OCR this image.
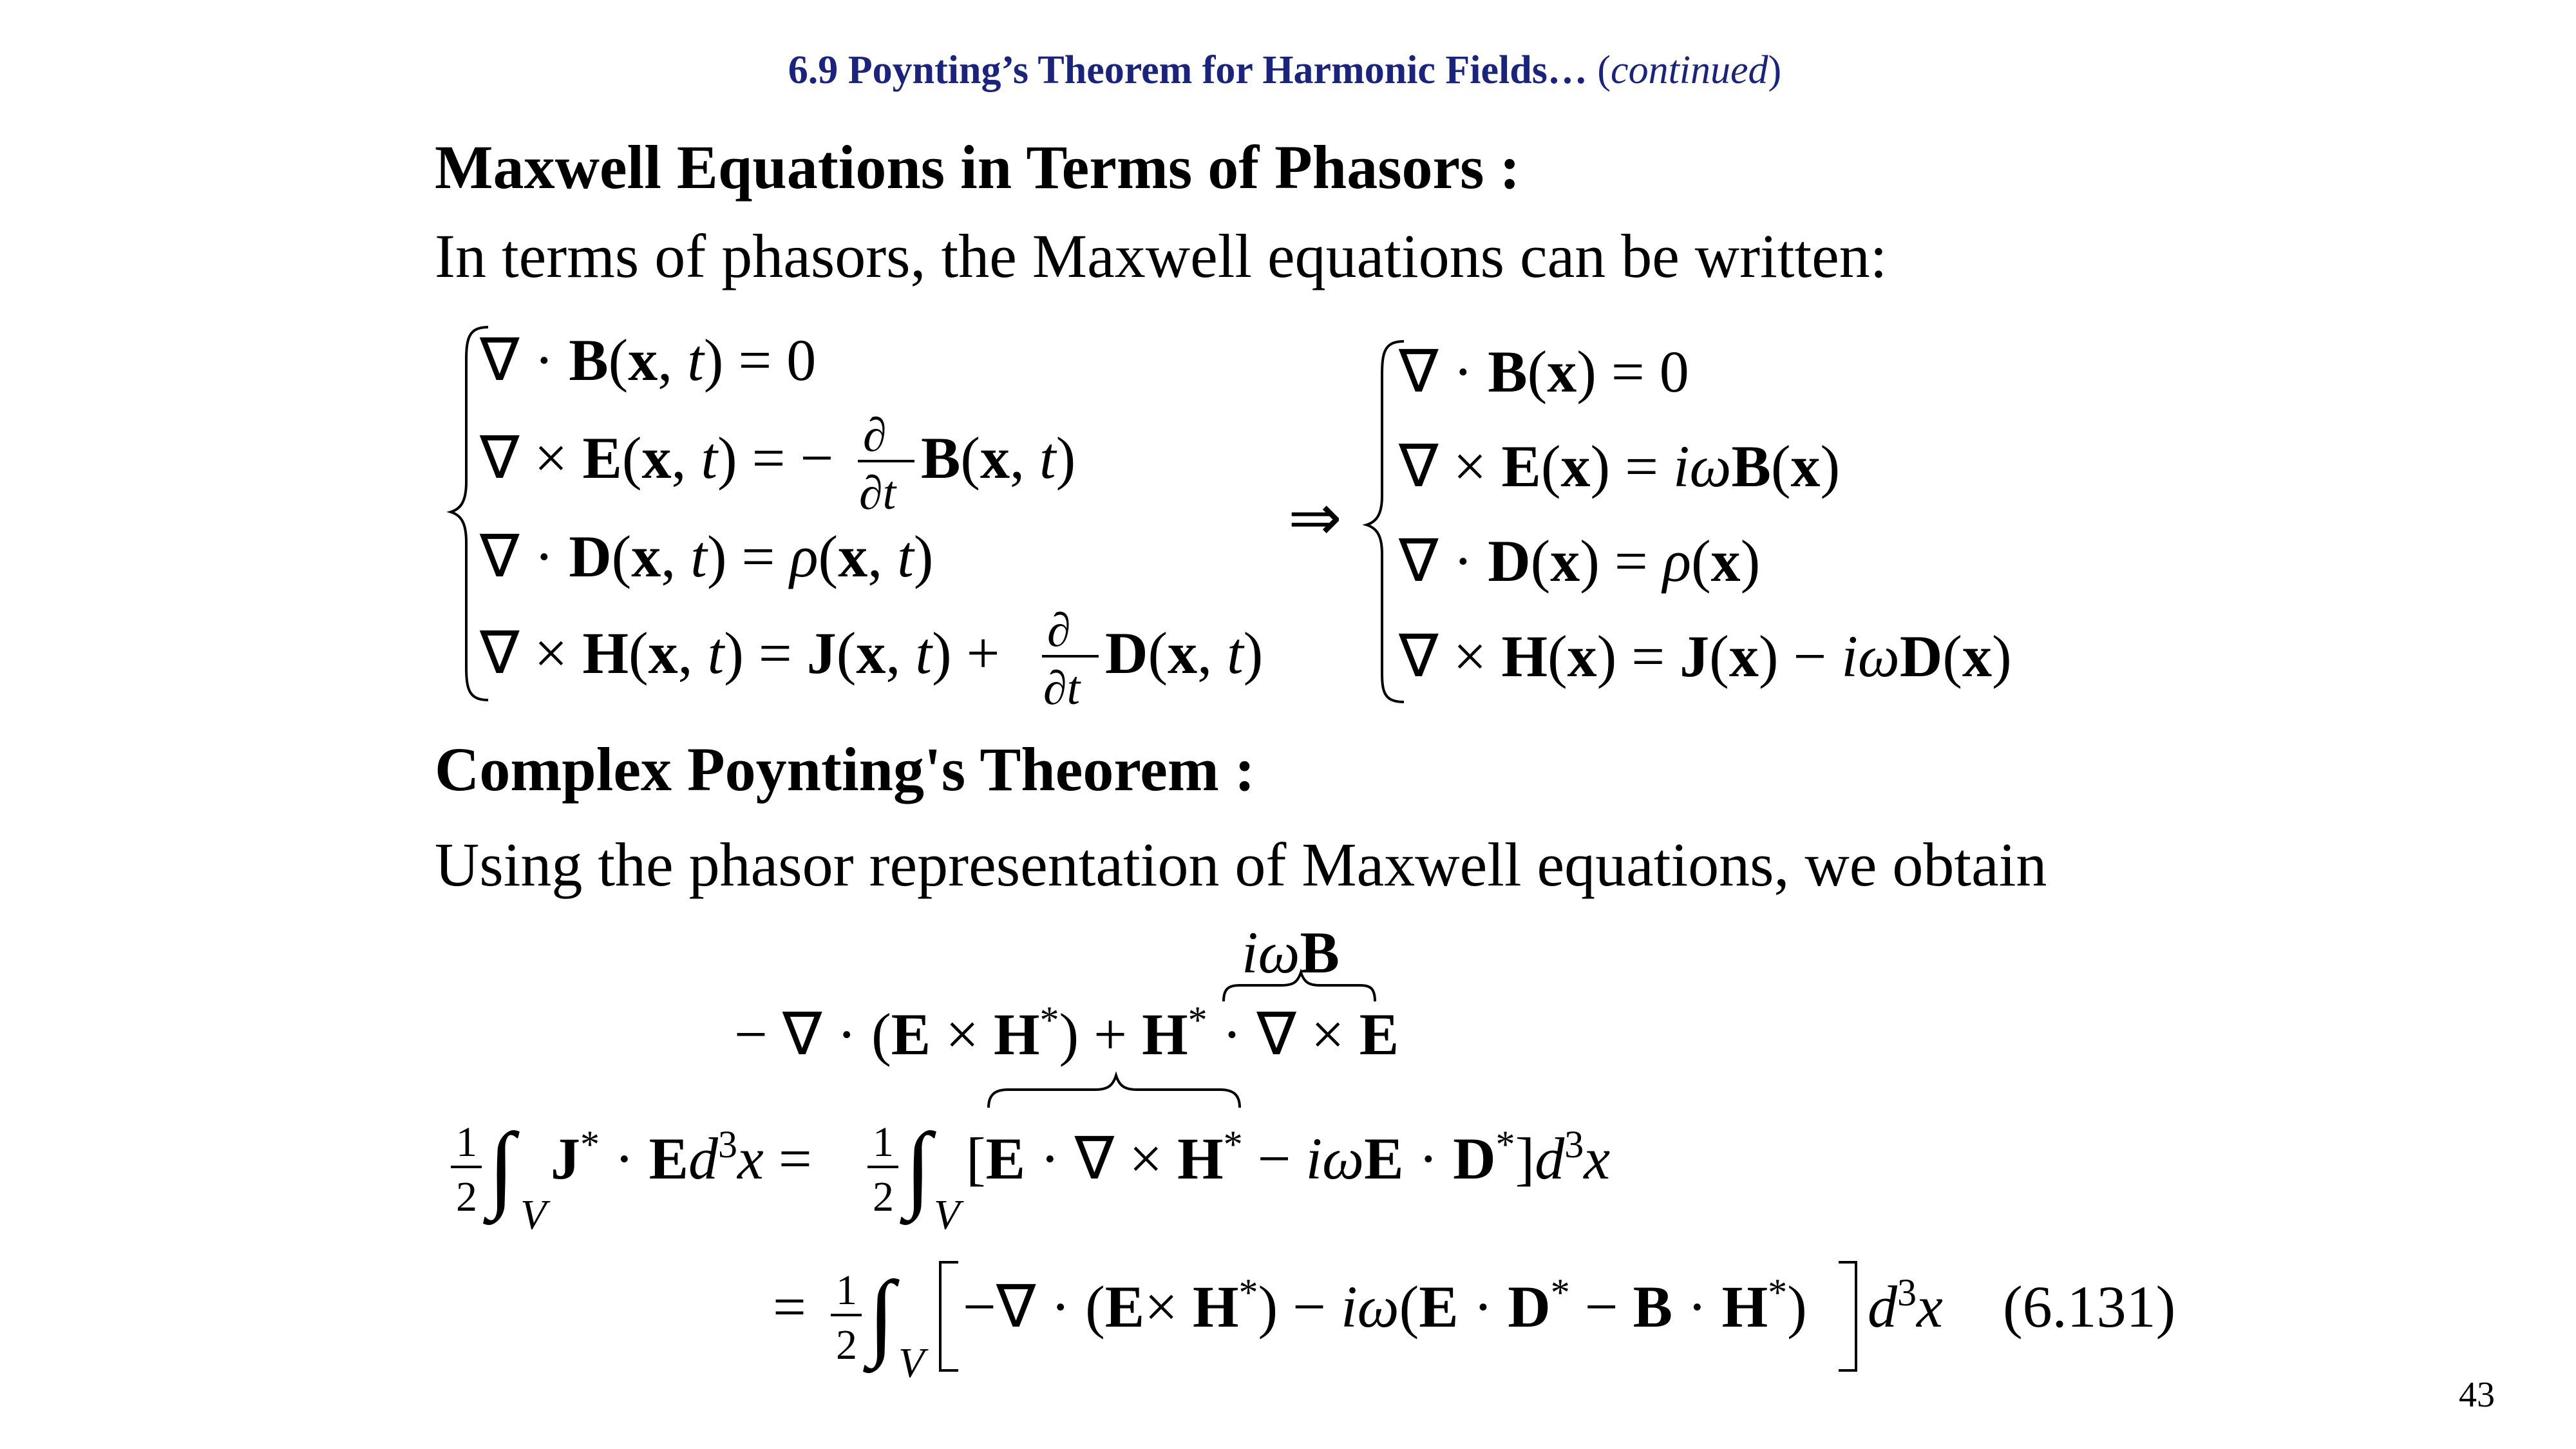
6.9 Poynting’s Theorem for Harmonic Fields… (continued)
Maxwell Equations in Terms of Phasors :
In terms of phasors, the Maxwell equations can be written:
∇ · B(x, t) = 0
∇ × E(x, t) = − ∂
∂t
B(x, t)
∇ · D(x, t) = ρ(x, t)
∇ × H(x, t) = J(x, t) + ∂
∂t
D(x, t)
⇒
∇ · B(x) = 0
∇ × E(x) = iωB(x)
∇ · D(x) = ρ(x)
∇ × H(x) = J(x) − iωD(x)
Complex Poynting's Theorem :
Using the phasor representation of Maxwell equations, we obtain
iωB
− ∇ · (E × H*) + H* · ∇ × E
1
2 ∫ V
$J^* \cdot Ed^3x = 1$
2 ∫ V
[E · ∇ × $H^* - i\omega E \cdot D^*]d^3x$
= 1
2 ∫ V
−∇ · (E× H*) − iω(E · D* − B · H*) $d^3x$ (6.131)
43
